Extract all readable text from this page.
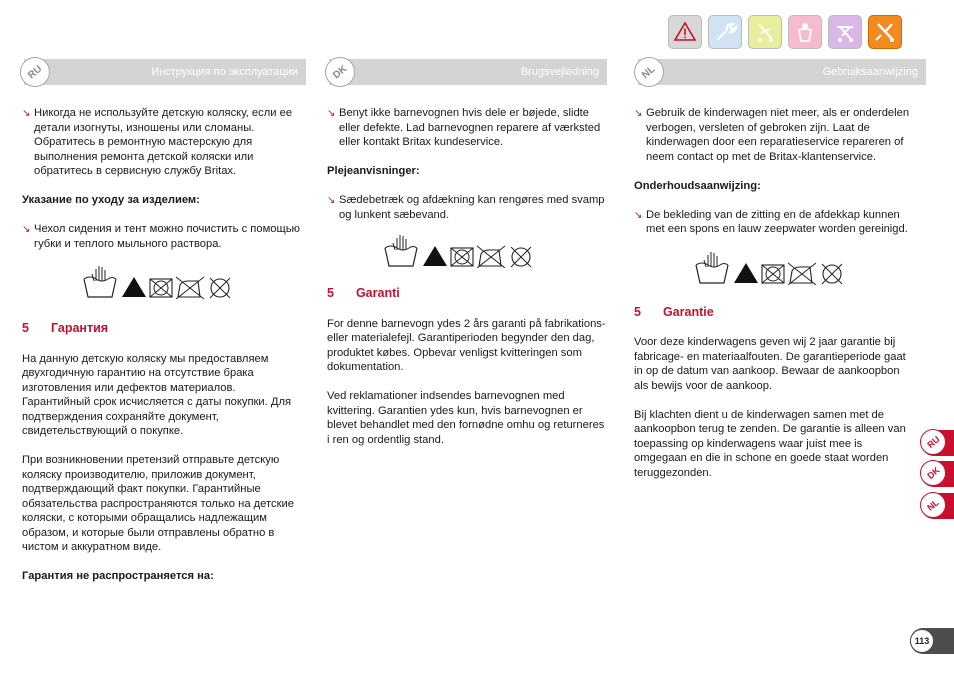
RU	Инструкция по эксплуатации	DK	Brugsvejledning	NL	Gebruiksaanwijzing
↘ Никогда не используйте детскую коляску, если ее детали изогнуты, изношены или сломаны. Обратитесь в ремонтную мастерскую для выполнения ремонта детской коляски или обратитесь в сервисную службу Britax.

Указание по уходу за изделием:

↘ Чехол сидения и тент можно почистить с помощью губки и теплого мыльного раствора.
5 Гарантия

На данную детскую коляску мы предоставляем двухгодичную гарантию на отсутствие брака изготовления или дефектов материалов. Гарантийный срок исчисляется с даты покупки. Для подтверждения сохраняйте документ, свидетельствующий о покупке.

При возникновении претензий отправьте детскую коляску производителю, приложив документ, подтверждающий факт покупки. Гарантийные обязательства распространяются только на детские коляски, с которыми обращались надлежащим образом, и которые были отправлены обратно в чистом и аккуратном виде.

Гарантия не распространяется на:

↘ Benyt ikke barnevognen hvis dele er bøjede, slidte eller defekte. Lad barnevognen reparere af værksted eller kontakt Britax kundeservice.

Plejeanvisninger:

↘ Sædebetræk og afdækning kan rengøres med svamp og lunkent sæbevand.
5 Garanti

For denne barnevogn ydes 2 års garanti på fabrikations- eller materialefejl. Garantiperioden begynder den dag, produktet købes. Opbevar venligst kvitteringen som dokumentation.

Ved reklamationer indsendes barnevognen med kvittering. Garantien ydes kun, hvis barnevognen er blevet behandlet med den fornødne omhu og returneres i ren og ordentlig stand.

↘ Gebruik de kinderwagen niet meer, als er onderdelen verbogen, versleten of gebroken zijn. Laat de kinderwagen door een reparatieservice repareren of neem contact op met de Britax-klantenservice.

Onderhoudsaanwijzing:

↘ De bekleding van de zitting en de afdekkap kunnen met een spons en lauw zeepwater worden gereinigd.
5 Garantie

Voor deze kinderwagens geven wij 2 jaar garantie bij fabricage- en materiaalfouten. De garantieperiode gaat in op de datum van aankoop. Bewaar de aankoopbon als bewijs voor de aankoop.

Bij klachten dient u de kinderwagen samen met de aankoopbon terug te zenden. De garantie is alleen van toepassing op kinderwagens waar juist mee is omgegaan en die in schone en goede staat worden teruggezonden.

RU
DK
NL
113
